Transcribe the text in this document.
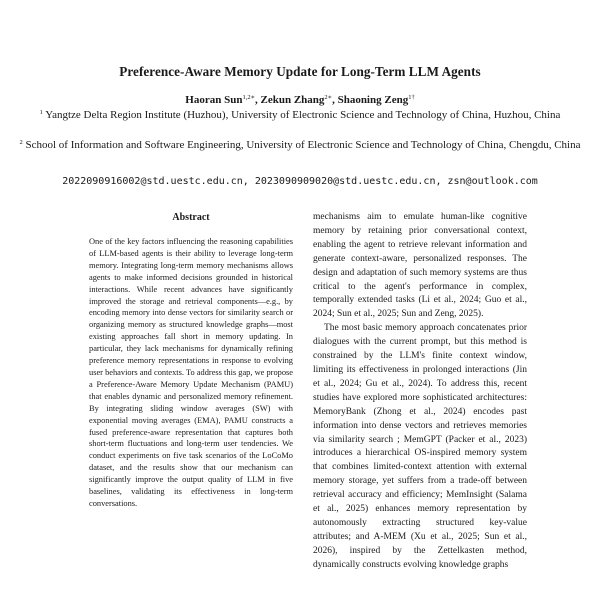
Preference-Aware Memory Update for Long-Term LLM Agents
Haoran Sun$^{1,2∗}$, Zekun Zhang$^{2∗}$, Shaoning Zeng$^{1\dagger}$
$^1$ Yangtze Delta Region Institute (Huzhou), University of Electronic Science and Technology of China, Huzhou, China
$^2$ School of Information and Software Engineering, University of Electronic Science and Technology of China, Chengdu, China
2022090916002@std.uestc.edu.cn, 2023090909020@std.uestc.edu.cn, zsn@outlook.com
Abstract
One of the key factors influencing the reasoning capabilities of LLM-based agents is their ability to leverage long-term memory. Integrating long-term memory mechanisms allows agents to make informed decisions grounded in historical interactions. While recent advances have significantly improved the storage and retrieval components—e.g., by encoding memory into dense vectors for similarity search or organizing memory as structured knowledge graphs—most existing approaches fall short in memory updating. In particular, they lack mechanisms for dynamically refining preference memory representations in response to evolving user behaviors and contexts. To address this gap, we propose a Preference-Aware Memory Update Mechanism (PAMU) that enables dynamic and personalized memory refinement. By integrating sliding window averages (SW) with exponential moving averages (EMA), PAMU constructs a fused preference-aware representation that captures both short-term fluctuations and long-term user tendencies. We conduct experiments on five task scenarios of the LoCoMo dataset, and the results show that our mechanism can significantly improve the output quality of LLM in five baselines, validating its effectiveness in long-term conversations.

mechanisms aim to emulate human-like cognitive memory by retaining prior conversational context, enabling the agent to retrieve relevant information and generate context-aware, personalized responses. The design and adaptation of such memory systems are thus critical to the agent's performance in complex, temporally extended tasks (Li et al., 2024; Guo et al., 2024; Sun et al., 2025; Sun and Zeng, 2025).

The most basic memory approach concatenates prior dialogues with the current prompt, but this method is constrained by the LLM's finite context window, limiting its effectiveness in prolonged interactions (Jin et al., 2024; Gu et al., 2024). To address this, recent studies have explored more sophisticated architectures: MemoryBank (Zhong et al., 2024) encodes past information into dense vectors and retrieves memories via similarity search ; MemGPT (Packer et al., 2023) introduces a hierarchical OS-inspired memory system that combines limited-context attention with external memory storage, yet suffers from a trade-off between retrieval accuracy and efficiency; MemInsight (Salama et al., 2025) enhances memory representation by autonomously extracting structured key-value attributes; and A-MEM (Xu et al., 2025; Sun et al., 2026), inspired by the Zettelkasten method, dynamically constructs evolving knowledge graphs
